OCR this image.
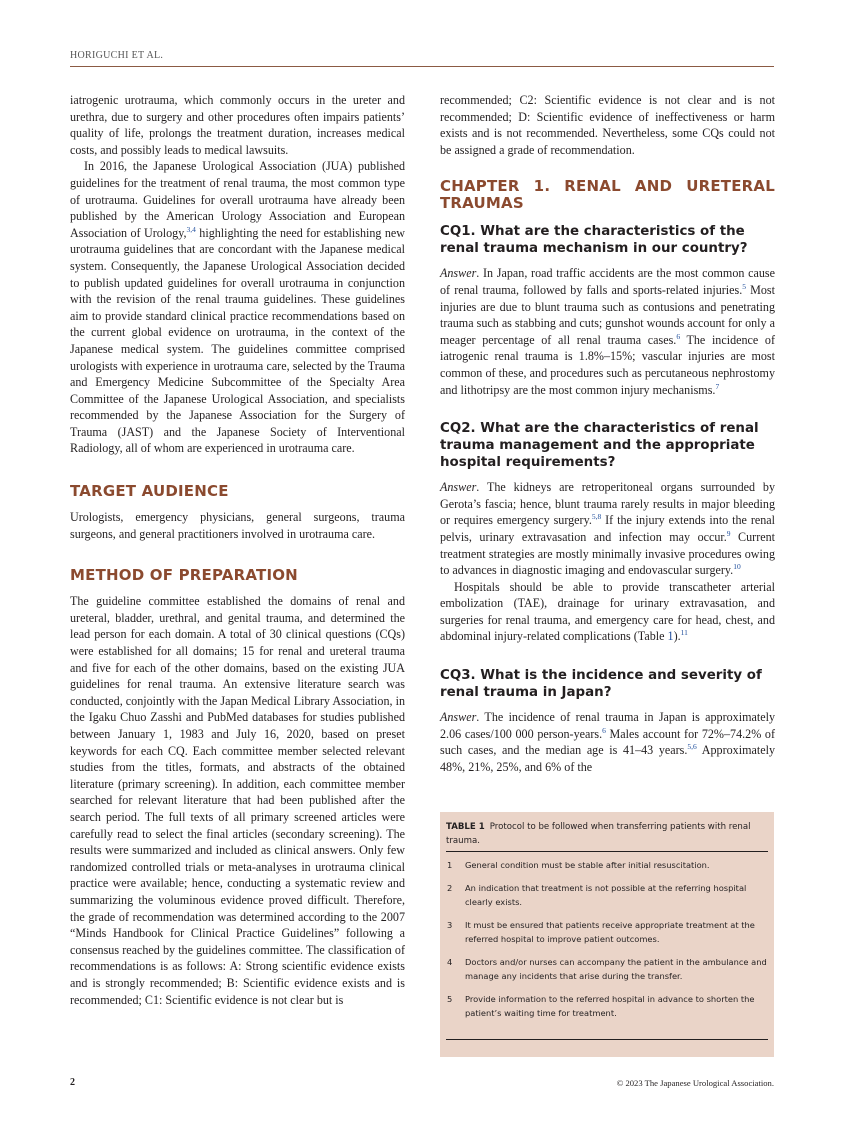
HORIGUCHI ET AL.

iatrogenic urotrauma, which commonly occurs in the ureter and urethra, due to surgery and other procedures often impairs patients’ quality of life, prolongs the treatment duration, increases medical costs, and possibly leads to medical lawsuits.

In 2016, the Japanese Urological Association (JUA) published guidelines for the treatment of renal trauma, the most common type of urotrauma. Guidelines for overall urotrauma have already been published by the American Urology Association and European Association of Urology,$^{3,4}$ highlighting the need for establishing new urotrauma guidelines that are concordant with the Japanese medical system. Consequently, the Japanese Urological Association decided to publish updated guidelines for overall urotrauma in conjunction with the revision of the renal trauma guidelines. These guidelines aim to provide standard clinical practice recommendations based on the current global evidence on urotrauma, in the context of the Japanese medical system. The guidelines committee comprised urologists with experience in urotrauma care, selected by the Trauma and Emergency Medicine Subcommittee of the Specialty Area Committee of the Japanese Urological Association, and specialists recommended by the Japanese Association for the Surgery of Trauma (JAST) and the Japanese Society of Interventional Radiology, all of whom are experienced in urotrauma care.

TARGET AUDIENCE

Urologists, emergency physicians, general surgeons, trauma surgeons, and general practitioners involved in urotrauma care.

METHOD OF PREPARATION

The guideline committee established the domains of renal and ureteral, bladder, urethral, and genital trauma, and determined the lead person for each domain. A total of 30 clinical questions (CQs) were established for all domains; 15 for renal and ureteral trauma and five for each of the other domains, based on the existing JUA guidelines for renal trauma. An extensive literature search was conducted, conjointly with the Japan Medical Library Association, in the Igaku Chuo Zasshi and PubMed databases for studies published between January 1, 1983 and July 16, 2020, based on preset keywords for each CQ. Each committee member selected relevant studies from the titles, formats, and abstracts of the obtained literature (primary screening). In addition, each committee member searched for relevant literature that had been published after the search period. The full texts of all primary screened articles were carefully read to select the final articles (secondary screening). The results were summarized and included as clinical answers. Only few randomized controlled trials or meta-analyses in urotrauma clinical practice were available; hence, conducting a systematic review and summarizing the voluminous evidence proved difficult. Therefore, the grade of recommendation was determined according to the 2007 “Minds Handbook for Clinical Practice Guidelines” following a consensus reached by the guidelines committee. The classification of recommendations is as follows: A: Strong scientific evidence exists and is strongly recommended; B: Scientific evidence exists and is recommended; C1: Scientific evidence is not clear but is

recommended; C2: Scientific evidence is not clear and is not recommended; D: Scientific evidence of ineffectiveness or harm exists and is not recommended. Nevertheless, some CQs could not be assigned a grade of recommendation.

CHAPTER 1. RENAL AND URETERAL TRAUMAS
CQ1. What are the characteristics of the renal trauma mechanism in our country?

Answer. In Japan, road traffic accidents are the most common cause of renal trauma, followed by falls and sports-related injuries.$^5$ Most injuries are due to blunt trauma such as contusions and penetrating trauma such as stabbing and cuts; gunshot wounds account for only a meager percentage of all renal trauma cases.$^6$ The incidence of iatrogenic renal trauma is 1.8%–15%; vascular injuries are most common of these, and procedures such as percutaneous nephrostomy and lithotripsy are the most common injury mechanisms.$^7$

CQ2. What are the characteristics of renal trauma management and the appropriate hospital requirements?

Answer. The kidneys are retroperitoneal organs surrounded by Gerota’s fascia; hence, blunt trauma rarely results in major bleeding or requires emergency surgery.$^{5,8}$ If the injury extends into the renal pelvis, urinary extravasation and infection may occur.$^9$ Current treatment strategies are mostly minimally invasive procedures owing to advances in diagnostic imaging and endovascular surgery.$^{10}$

Hospitals should be able to provide transcatheter arterial embolization (TAE), drainage for urinary extravasation, and surgeries for renal trauma, and emergency care for head, chest, and abdominal injury-related complications (Table 1).$^{11}$

CQ3. What is the incidence and severity of renal trauma in Japan?

Answer. The incidence of renal trauma in Japan is approximately 2.06 cases/100 000 person-years.$^6$ Males account for 72%–74.2% of such cases, and the median age is 41–43 years.$^{5,6}$ Approximately 48%, 21%, 25%, and 6% of the

TABLE 1 Protocol to be followed when transferring patients with renal trauma.

1	General condition must be stable after initial resuscitation.
2	An indication that treatment is not possible at the referring hospital clearly exists.
3	It must be ensured that patients receive appropriate treatment at the referred hospital to improve patient outcomes.
4	Doctors and/or nurses can accompany the patient in the ambulance and manage any incidents that arise during the transfer.
5	Provide information to the referred hospital in advance to shorten the patient’s waiting time for treatment.
2	© 2023 The Japanese Urological Association.
